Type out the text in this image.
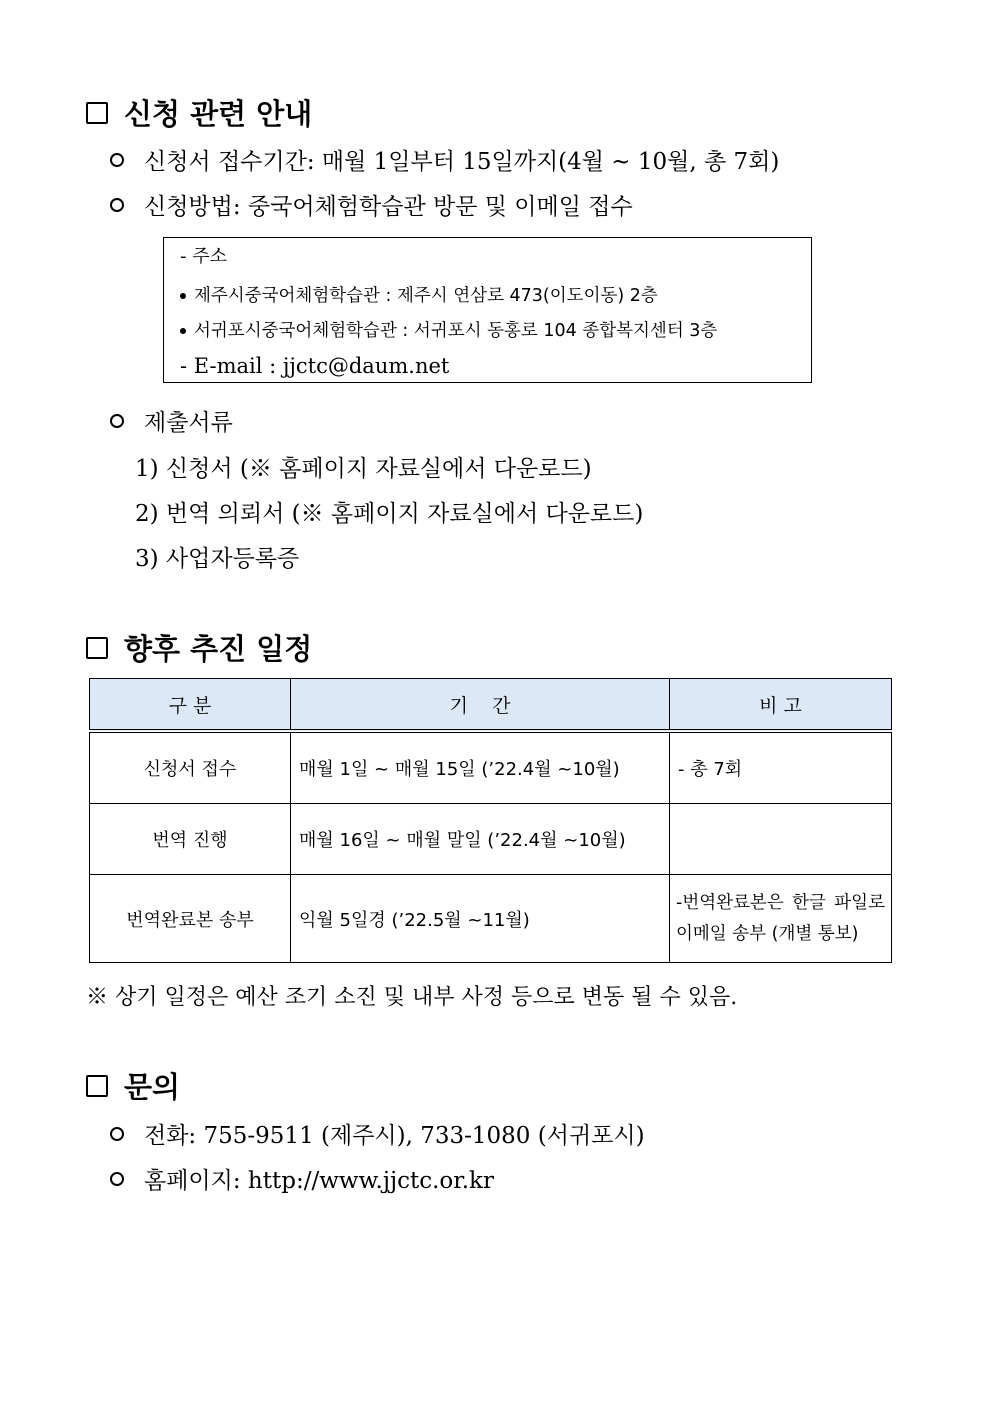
신청 관련 안내
신청서 접수기간: 매월 1일부터 15일까지(4월 ~ 10월, 총 7회)
신청방법: 중국어체험학습관 방문 및 이메일 접수
- 주소
제주시중국어체험학습관 : 제주시 연삼로 473(이도이동) 2층
서귀포시중국어체험학습관 : 서귀포시 동홍로 104 종합복지센터 3층
- E-mail : jjctc@daum.net
제출서류
1) 신청서 (※ 홈페이지 자료실에서 다운로드)
2) 번역 의뢰서 (※ 홈페이지 자료실에서 다운로드)
3) 사업자등록증
향후 추진 일정
구 분	기    간	비 고
신청서 접수	매월 1일 ~ 매월 15일 (’22.4월 ~10월)	- 총 7회
번역 진행	매월 16일 ~ 매월 말일 (’22.4월 ~10월)	
번역완료본 송부	익월 5일경 (’22.5월 ~11월)	-번역완료본은 한글 파일로 이메일 송부 (개별 통보)
※ 상기 일정은 예산 조기 소진 및 내부 사정 등으로 변동 될 수 있음.
문의
전화: 755-9511 (제주시), 733-1080 (서귀포시)
홈페이지: http://www.jjctc.or.kr
